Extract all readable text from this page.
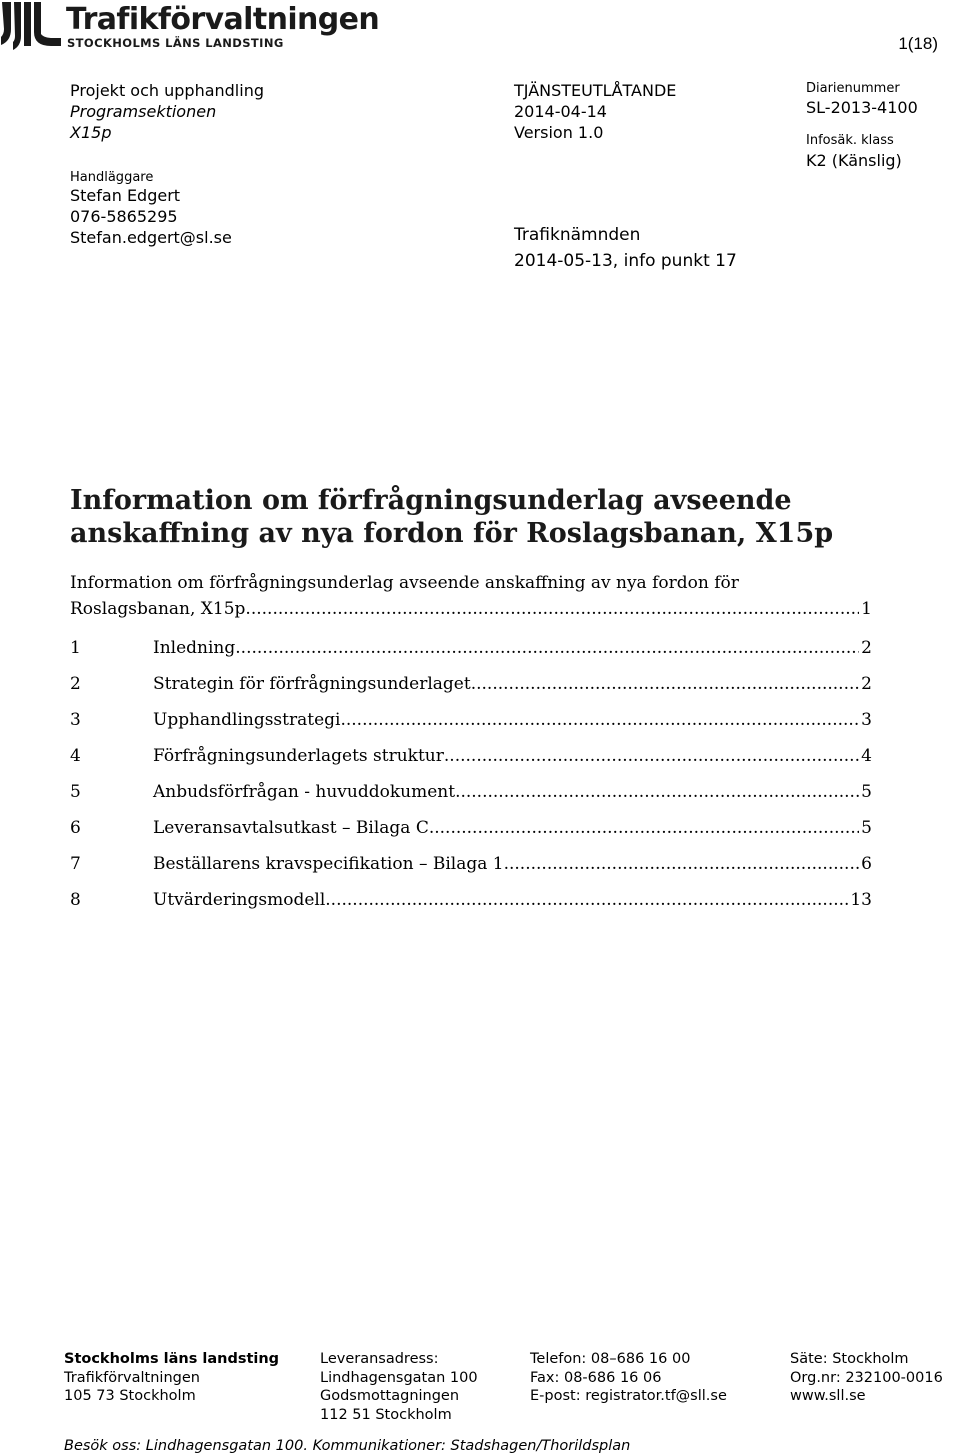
Trafikförvaltningen
STOCKHOLMS LÄNS LANDSTING	1(18)
Projekt och upphandling
Programsektionen
X15p
Handläggare
Stefan Edgert
076-5865295
Stefan.edgert@sl.se
TJÄNSTEUTLÅTANDE
2014-04-14
Version 1.0
Trafiknämnden
2014-05-13, info punkt 17
Diarienummer
SL-2013-4100
Infosäk. klass
K2 (Känslig)
Information om förfrågningsunderlag avseende anskaffning av nya fordon för Roslagsbanan, X15p
Information om förfrågningsunderlag avseende anskaffning av nya fordon för
Roslagsbanan, X15p .....	1
1	Inledning .....	2
2	Strategin för förfrågningsunderlaget .....	2
3	Upphandlingsstrategi .....	3
4	Förfrågningsunderlagets struktur .....	4
5	Anbudsförfrågan - huvuddokument .....	5
6	Leveransavtalsutkast – Bilaga C .....	5
7	Beställarens kravspecifikation – Bilaga 1 .....	6
8	Utvärderingsmodell .....	13
Stockholms läns landsting
Trafikförvaltningen
105 73 Stockholm
Leveransadress:
Lindhagensgatan 100
Godsmottagningen
112 51 Stockholm
Telefon: 08–686 16 00
Fax: 08-686 16 06
E-post: registrator.tf@sll.se
Säte: Stockholm
Org.nr: 232100-0016
www.sll.se
Besök oss: Lindhagensgatan 100. Kommunikationer: Stadshagen/Thorildsplan
